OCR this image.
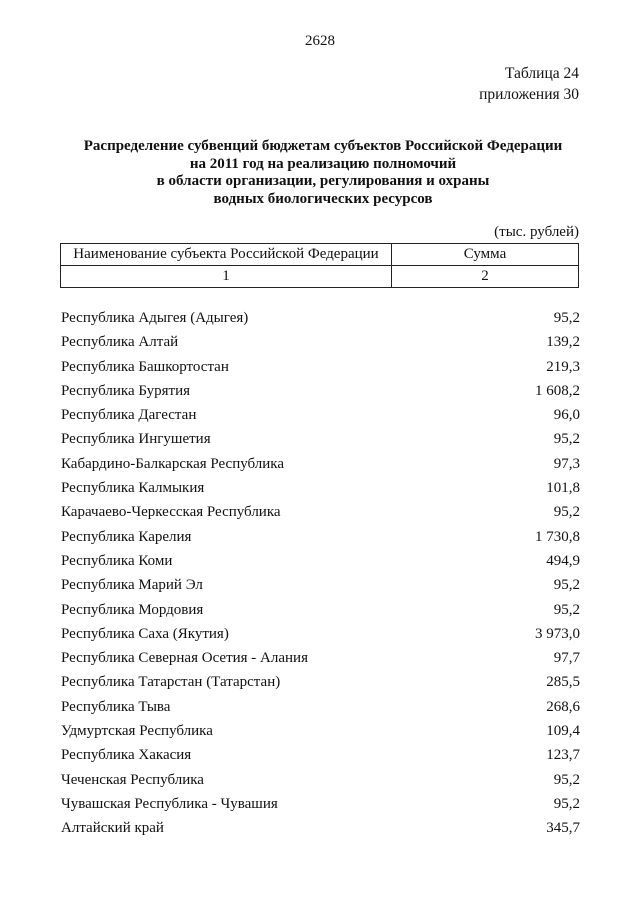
2628
Таблица 24
приложения 30
Распределение субвенций бюджетам субъектов Российской Федерации
на 2011 год на реализацию полномочий
в области организации, регулирования и охраны
водных биологических ресурсов
(тыс. рублей)
Наименование субъекта Российской Федерации	Сумма
1	2
Республика Адыгея (Адыгея)	95,2
Республика Алтай	139,2
Республика Башкортостан	219,3
Республика Бурятия	1 608,2
Республика Дагестан	96,0
Республика Ингушетия	95,2
Кабардино-Балкарская Республика	97,3
Республика Калмыкия	101,8
Карачаево-Черкесская Республика	95,2
Республика Карелия	1 730,8
Республика Коми	494,9
Республика Марий Эл	95,2
Республика Мордовия	95,2
Республика Саха (Якутия)	3 973,0
Республика Северная Осетия - Алания	97,7
Республика Татарстан (Татарстан)	285,5
Республика Тыва	268,6
Удмуртская Республика	109,4
Республика Хакасия	123,7
Чеченская Республика	95,2
Чувашская Республика - Чувашия	95,2
Алтайский край	345,7
